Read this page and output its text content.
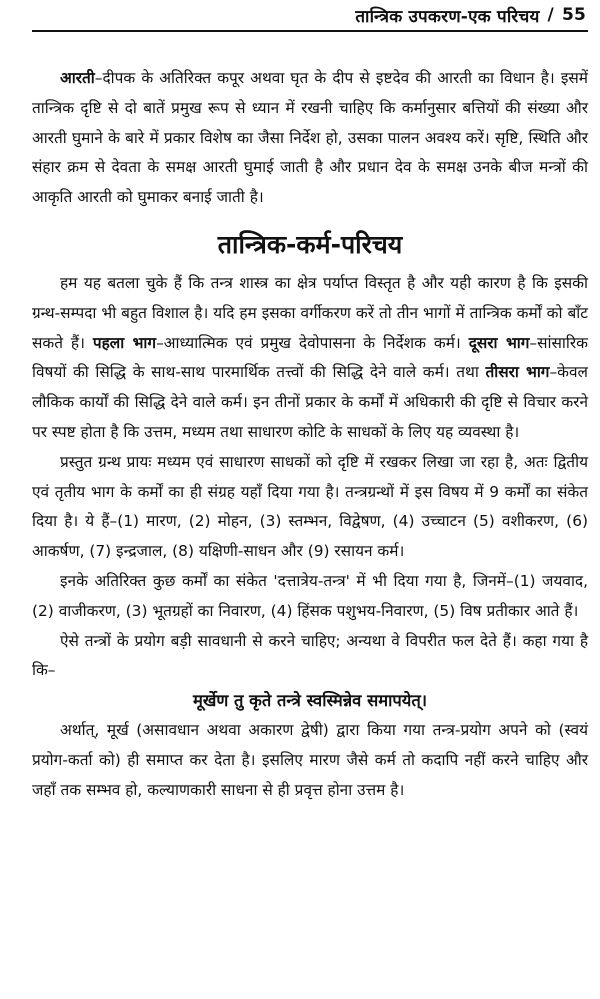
तान्त्रिक उपकरण-एक परिचय / 55

आरती–दीपक के अतिरिक्त कपूर अथवा घृत के दीप से इष्टदेव की आरती का विधान है। इसमें तान्त्रिक दृष्टि से दो बातें प्रमुख रूप से ध्यान में रखनी चाहिए कि कर्मानुसार बत्तियों की संख्या और आरती घुमाने के बारे में प्रकार विशेष का जैसा निर्देश हो, उसका पालन अवश्य करें। सृष्टि, स्थिति और संहार क्रम से देवता के समक्ष आरती घुमाई जाती है और प्रधान देव के समक्ष उनके बीज मन्त्रों की आकृति आरती को घुमाकर बनाई जाती है।

तान्त्रिक-कर्म-परिचय

हम यह बतला चुके हैं कि तन्त्र शास्त्र का क्षेत्र पर्याप्त विस्तृत है और यही कारण है कि इसकी ग्रन्थ-सम्पदा भी बहुत विशाल है। यदि हम इसका वर्गीकरण करें तो तीन भागों में तान्त्रिक कर्मों को बाँट सकते हैं। पहला भाग–आध्यात्मिक एवं प्रमुख देवोपासना के निर्देशक कर्म। दूसरा भाग–सांसारिक विषयों की सिद्धि के साथ-साथ पारमार्थिक तत्त्वों की सिद्धि देने वाले कर्म। तथा तीसरा भाग–केवल लौकिक कार्यों की सिद्धि देने वाले कर्म। इन तीनों प्रकार के कर्मों में अधिकारी की दृष्टि से विचार करने पर स्पष्ट होता है कि उत्तम, मध्यम तथा साधारण कोटि के साधकों के लिए यह व्यवस्था है।

प्रस्तुत ग्रन्थ प्रायः मध्यम एवं साधारण साधकों को दृष्टि में रखकर लिखा जा रहा है, अतः द्वितीय एवं तृतीय भाग के कर्मों का ही संग्रह यहाँ दिया गया है। तन्त्रग्रन्थों में इस विषय में 9 कर्मों का संकेत दिया है। ये हैं–(1) मारण, (2) मोहन, (3) स्तम्भन, विद्वेषण, (4) उच्चाटन (5) वशीकरण, (6) आकर्षण, (7) इन्द्रजाल, (8) यक्षिणी-साधन और (9) रसायन कर्म।

इनके अतिरिक्त कुछ कर्मों का संकेत 'दत्तात्रेय-तन्त्र' में भी दिया गया है, जिनमें–(1) जयवाद, (2) वाजीकरण, (3) भूतग्रहों का निवारण, (4) हिंसक पशुभय-निवारण, (5) विष प्रतीकार आते हैं।

ऐसे तन्त्रों के प्रयोग बड़ी सावधानी से करने चाहिए; अन्यथा वे विपरीत फल देते हैं। कहा गया है कि–

मूर्खेण तु कृते तन्त्रे स्वस्मिन्नेव समापयेत्।

अर्थात्, मूर्ख (असावधान अथवा अकारण द्वेषी) द्वारा किया गया तन्त्र-प्रयोग अपने को (स्वयं प्रयोग-कर्ता को) ही समाप्त कर देता है। इसलिए मारण जैसे कर्म तो कदापि नहीं करने चाहिए और जहाँ तक सम्भव हो, कल्याणकारी साधना से ही प्रवृत्त होना उत्तम है।
